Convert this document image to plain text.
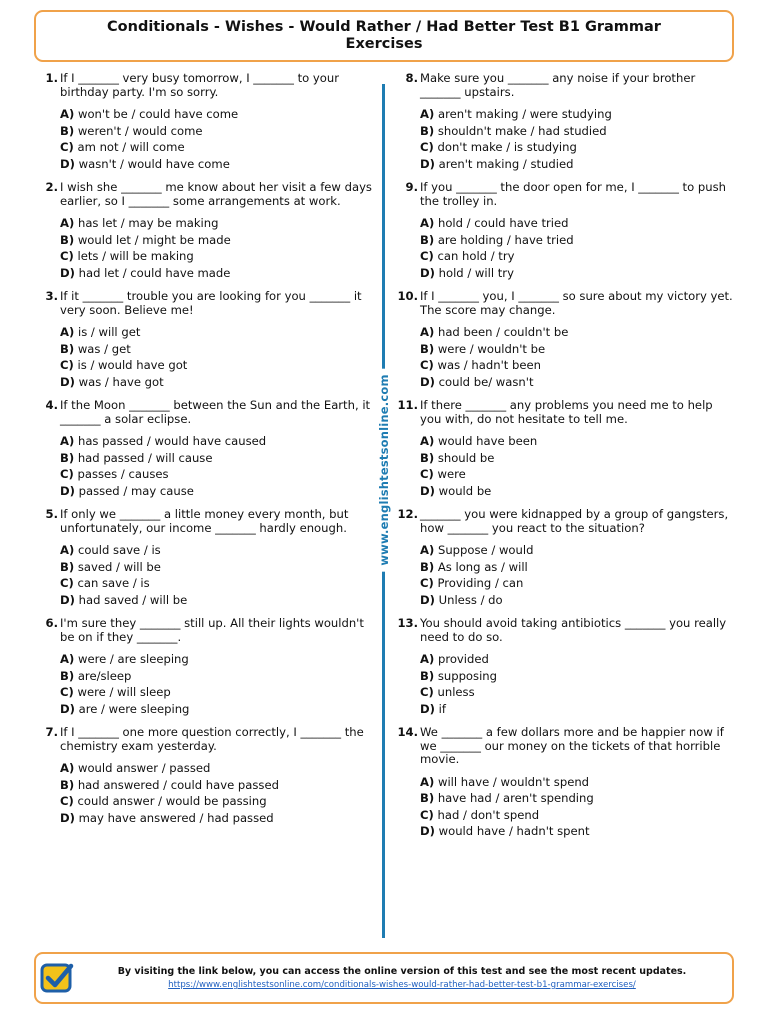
Conditionals - Wishes - Would Rather / Had Better Test B1 Grammar Exercises
1. If I _______ very busy tomorrow, I _______ to your
birthday party. I'm so sorry.
A) won't be / could have come
B) weren't / would come
C) am not / will come
D) wasn't / would have come
2. I wish she _______ me know about her visit a few days
earlier, so I _______ some arrangements at work.
A) has let / may be making
B) would let / might be made
C) lets / will be making
D) had let / could have made
3. If it _______ trouble you are looking for you _______ it
very soon. Believe me!
A) is / will get
B) was / get
C) is / would have got
D) was / have got
4. If the Moon _______ between the Sun and the Earth, it
_______ a solar eclipse.
A) has passed / would have caused
B) had passed / will cause
C) passes / causes
D) passed / may cause
5. If only we _______ a little money every month, but
unfortunately, our income _______ hardly enough.
A) could save / is
B) saved / will be
C) can save / is
D) had saved / will be
6. I'm sure they _______ still up. All their lights wouldn't
be on if they _______.
A) were / are sleeping
B) are/sleep
C) were / will sleep
D) are / were sleeping
7. If I _______ one more question correctly, I _______ the
chemistry exam yesterday.
A) would answer / passed
B) had answered / could have passed
C) could answer / would be passing
D) may have answered / had passed
8. Make sure you _______ any noise if your brother
_______ upstairs.
A) aren't making / were studying
B) shouldn't make / had studied
C) don't make / is studying
D) aren't making / studied
9. If you _______ the door open for me, I _______ to push
the trolley in.
A) hold / could have tried
B) are holding / have tried
C) can hold / try
D) hold / will try
10. If I _______ you, I _______ so sure about my victory yet.
The score may change.
A) had been / couldn't be
B) were / wouldn't be
C) was / hadn't been
D) could be/ wasn't
11. If there _______ any problems you need me to help
you with, do not hesitate to tell me.
A) would have been
B) should be
C) were
D) would be
12. _______ you were kidnapped by a group of gangsters,
how _______ you react to the situation?
A) Suppose / would
B) As long as / will
C) Providing / can
D) Unless / do
13. You should avoid taking antibiotics _______ you really
need to do so.
A) provided
B) supposing
C) unless
D) if
14. We _______ a few dollars more and be happier now if
we _______ our money on the tickets of that horrible
movie.
A) will have / wouldn't spend
B) have had / aren't spending
C) had / don't spend
D) would have / hadn't spent
www.englishtestsonline.com
By visiting the link below, you can access the online version of this test and see the most recent updates.
https://www.englishtestsonline.com/conditionals-wishes-would-rather-had-better-test-b1-grammar-exercises/
